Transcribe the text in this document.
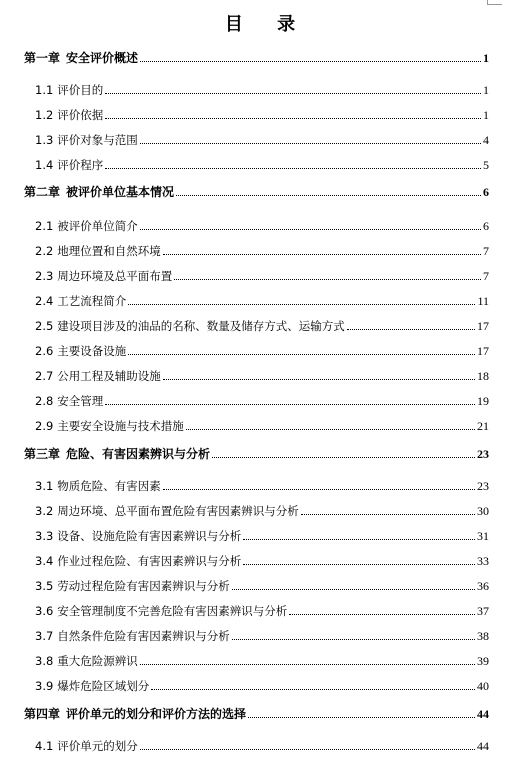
目 录
第一章 安全评价概述	1
1.1 评价目的	1
1.2 评价依据	1
1.3 评价对象与范围	4
1.4 评价程序	5
第二章 被评价单位基本情况	6
2.1 被评价单位简介	6
2.2 地理位置和自然环境	7
2.3 周边环境及总平面布置	7
2.4 工艺流程简介	11
2.5 建设项目涉及的油品的名称、数量及储存方式、运输方式	17
2.6 主要设备设施	17
2.7 公用工程及辅助设施	18
2.8 安全管理	19
2.9 主要安全设施与技术措施	21
第三章 危险、有害因素辨识与分析	23
3.1 物质危险、有害因素	23
3.2 周边环境、总平面布置危险有害因素辨识与分析	30
3.3 设备、设施危险有害因素辨识与分析	31
3.4 作业过程危险、有害因素辨识与分析	33
3.5 劳动过程危险有害因素辨识与分析	36
3.6 安全管理制度不完善危险有害因素辨识与分析	37
3.7 自然条件危险有害因素辨识与分析	38
3.8 重大危险源辨识	39
3.9 爆炸危险区域划分	40
第四章 评价单元的划分和评价方法的选择	44
4.1 评价单元的划分	44
